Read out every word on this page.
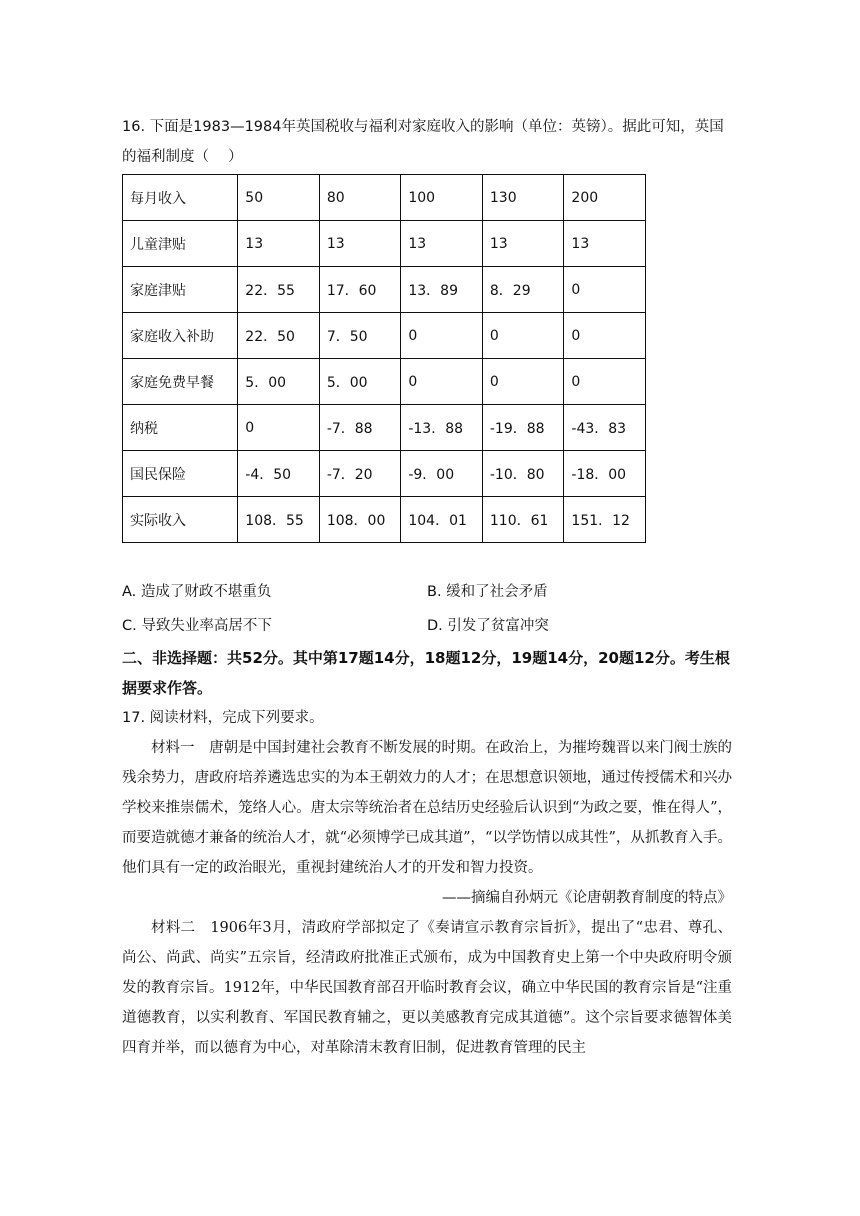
16. 下面是1983—1984年英国税收与福利对家庭收入的影响（单位：英镑）。据此可知，英国的福利制度（　 ）

每月收入	50	80	100	130	200
儿童津贴	13	13	13	13	13
家庭津贴	22．55	17．60	13．89	8．29	0
家庭收入补助	22．50	7．50	0	0	0
家庭免费早餐	5．00	5．00	0	0	0
纳税	0	-7．88	-13．88	-19．88	-43．83
国民保险	-4．50	-7．20	-9．00	-10．80	-18．00
实际收入	108．55	108．00	104．01	110．61	151．12
A. 造成了财政不堪重负	B. 缓和了社会矛盾
C. 导致失业率高居不下	D. 引发了贫富冲突

二、非选择题：共52分。其中第17题14分，18题12分，19题14分，20题12分。考生根据要求作答。

17. 阅读材料，完成下列要求。

材料一　唐朝是中国封建社会教育不断发展的时期。在政治上，为摧垮魏晋以来门阀士族的残余势力，唐政府培养遴选忠实的为本王朝效力的人才；在思想意识领地，通过传授儒术和兴办学校来推崇儒术，笼络人心。唐太宗等统治者在总结历史经验后认识到“为政之要，惟在得人”，而要造就德才兼备的统治人才，就“必须博学已成其道”，“以学饬情以成其性”，从抓教育入手。他们具有一定的政治眼光，重视封建统治人才的开发和智力投资。

——摘编自孙炳元《论唐朝教育制度的特点》

材料二　1906年3月，清政府学部拟定了《奏请宣示教育宗旨折》，提出了“忠君、尊孔、尚公、尚武、尚实”五宗旨，经清政府批准正式颁布，成为中国教育史上第一个中央政府明令颁发的教育宗旨。1912年，中华民国教育部召开临时教育会议，确立中华民国的教育宗旨是“注重道德教育，以实利教育、军国民教育辅之，更以美感教育完成其道德”。这个宗旨要求德智体美四育并举，而以德育为中心，对革除清末教育旧制，促进教育管理的民主
